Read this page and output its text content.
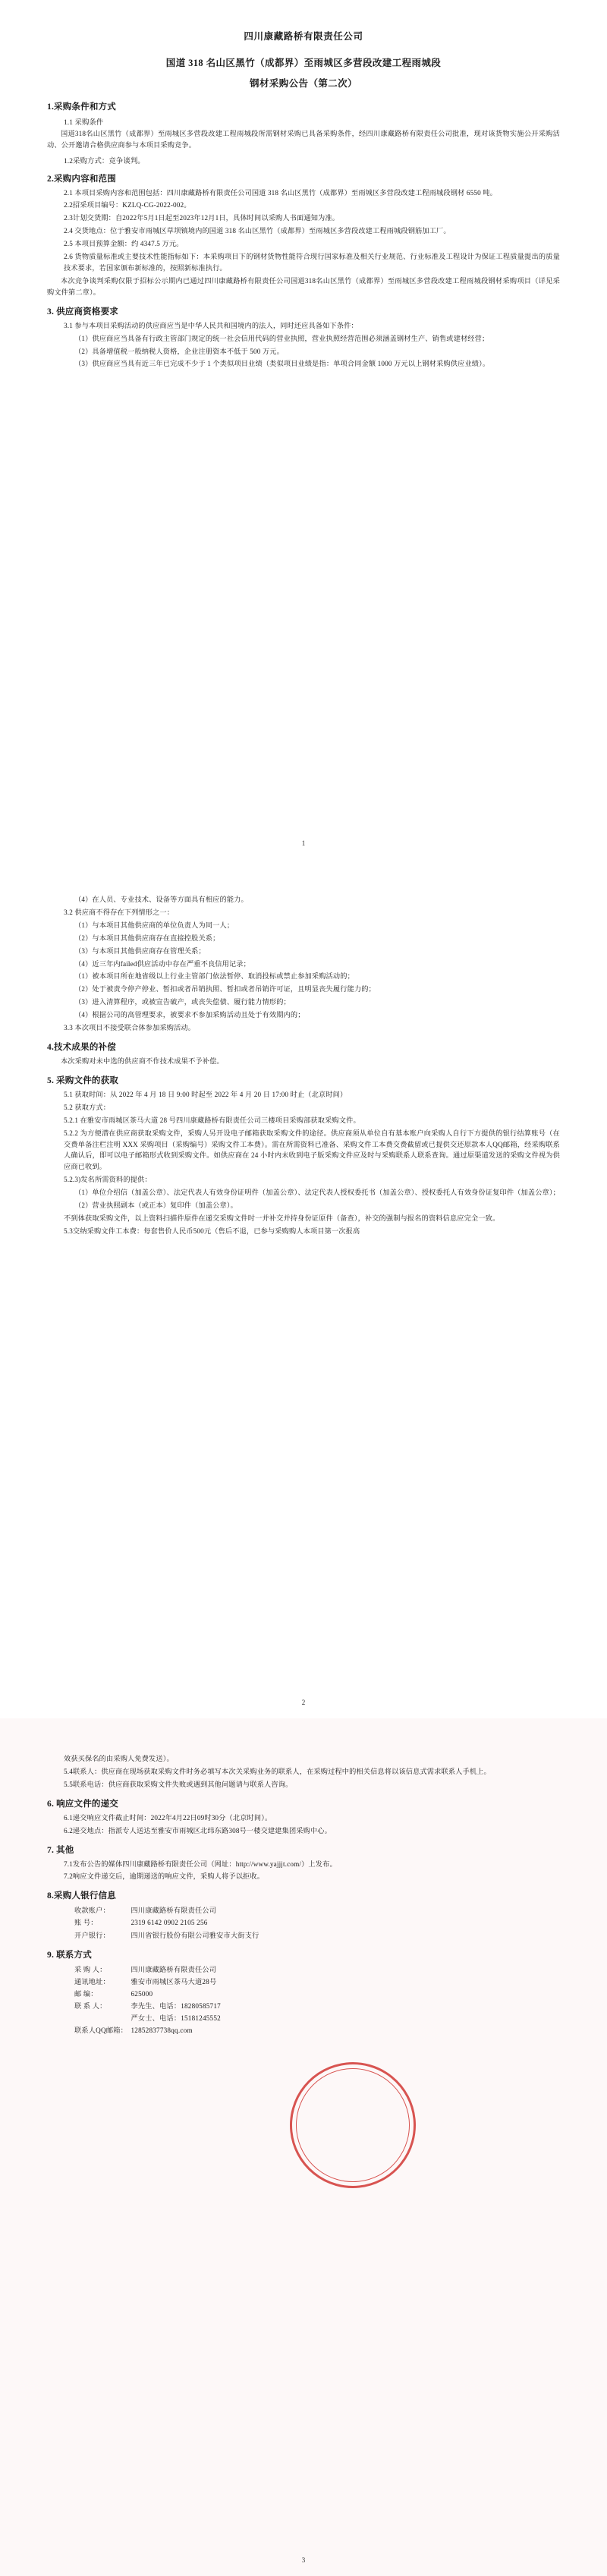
四川康藏路桥有限责任公司
国道 318 名山区黑竹（成都界）至雨城区多营段改建工程雨城段
钢材采购公告（第二次）
1.采购条件和方式
1.1 采购条件

国道318名山区黑竹（成都界）至雨城区多营段改建工程雨城段所需钢材采购已具备采购条件，经四川康藏路桥有限责任公司批准，现对该货物实施公开采购活动、公开邀请合格供应商参与本项目采购竞争。

1.2采购方式：竞争谈判。
2.采购内容和范围

2.1 本项目采购内容和范围包括：四川康藏路桥有限责任公司国道 318 名山区黑竹（成都界）至雨城区多营段改建工程雨城段钢材 6550 吨。

2.2招采项目编号：KZLQ-CG-2022-002。

2.3计划交货期：自2022年5月1日起至2023年12月1日，具体时间以采购人书面通知为准。

2.4 交货地点：位于雅安市雨城区草坝镇境内的国道 318 名山区黑竹（成都界）至雨城区多营段改建工程雨城段钢筋加工厂。

2.5 本项目预算金额：约 4347.5 万元。

2.6 货物质量标准或主要技术性能指标如下：本采购项目下的钢材货物性能符合现行国家标准及相关行业规范、行业标准及工程设计为保证工程质量提出的质量技术要求，若国家颁布新标准的，按照新标准执行。

本次竞争谈判采购仅限于招标公示期内已通过四川康藏路桥有限责任公司国道318名山区黑竹（成都界）至雨城区多营段改建工程雨城段钢材采购项目（详见采购文件第二章）。

3. 供应商资格要求

3.1 参与本项目采购活动的供应商应当是中华人民共和国境内的法人，同时还应具备如下条件：

（1）供应商应当具备有行政主管部门规定的统一社会信用代码的营业执照，营业执照经营范围必须涵盖钢材生产、销售或建材经营；

（2）具备增值税一般纳税人资格，企业注册资本不低于 500 万元。

（3）供应商应当具有近三年已完成不少于 1 个类似项目业绩（类似项目业绩是指：单项合同金额 1000 万元以上钢材采购供应业绩）。

1

（4）在人员、专业技术、设备等方面具有相应的能力。

3.2 供应商不得存在下列情形之一：

（1）与本项目其他供应商的单位负责人为同一人；

（2）与本项目其他供应商存在直接控股关系；

（3）与本项目其他供应商存在管理关系；

（4）近三年内failed供应活动中存在严重不良信用记录；

（1）被本项目所在地省级以上行业主管部门依法暂停、取消投标或禁止参加采购活动的；

（2）处于被责令停产停业、暂扣或者吊销执照、暂扣或者吊销许可证，且明显丧失履行能力的；

（3）进入清算程序，或被宣告破产，或丧失偿债、履行能力情形的；

（4）根据公司的高管理要求，被要求不参加采购活动且处于有效期内的；

3.3 本次项目不接受联合体参加采购活动。

4.技术成果的补偿

本次采购对未中选的供应商不作技术成果不予补偿。

5. 采购文件的获取

5.1 获取时间：从 2022 年 4 月 18 日 9:00 时起至 2022 年 4 月 20 日 17:00 时止（北京时间）

5.2 获取方式：

5.2.1 在雅安市雨城区茶马大道 28 号四川康藏路桥有限责任公司三楼项目采购部获取采购文件。

5.2.2 为方便潜在供应商获取采购文件，采购人另开设电子邮箱获取采购文件的途径。供应商须从单位自有基本账户向采购人自行下方提供的银行结算账号（在交费单备注栏注明 XXX 采购项目（采购编号）采购文件工本费）。需在所需资料已准备、采购文件工本费交费截留或已提供交还原款本人QQ邮箱，经采购联系人确认后，即可以电子邮箱形式收到采购文件。如供应商在 24 小时内未收到电子版采购文件应及时与采购联系人联系查询。通过原渠道发送的采购文件视为供应商已收到。

5.2.3)发名所需资料的提供：

（1）单位介绍信（加盖公章）、法定代表人有效身份证明件（加盖公章）、法定代表人授权委托书（加盖公章）、授权委托人有效身份证复印件（加盖公章）；

（2）营业执照副本（或正本）复印件（加盖公章）。

不到体获取采购文件，以上资料扫描件原件在递交采购文件时一并补交并持身份证原件（备查），补交的强制与报名的资料信息应完全一致。

5.3交纳采购文件工本费：每套售价人民币500元（售后不退，已参与采购购人本项目第一次报高

2

效获买保名的由采购人免费发送）。

5.4联系人：供应商在现场获取采购文件时务必填写本次关采购业务的联系人，在采购过程中的相关信息将以该信息式需求联系人手机上。

5.5联系电话：供应商获取采购文件失败或遇到其他问题请与联系人咨询。

6. 响应文件的递交

6.1递交响应文件截止时间：2022年4月22日09时30分（北京时间）。

6.2递交地点：指派专人送达至雅安市雨城区北纬东路308号一楼交建建集团采购中心。

7. 其他

7.1发布公告的媒体四川康藏路桥有限责任公司（网址：http://www.yajjjt.com/）上发布。

7.2响应文件递交后，逾期递送的响应文件，采购人将予以拒收。

8.采购人银行信息
收款账户：	四川康藏路桥有限责任公司
账 号：	2319 6142 0902 2105 256
开户银行：	四川省银行股份有限公司雅安市大街支行
9. 联系方式
采 购 人：	四川康藏路桥有限责任公司
通讯地址：	雅安市雨城区茶马大道28号
邮 编：	625000
联 系 人：	李先生、电话：18280585717
严女士、电话：15181245552
联系人QQ邮箱： 12852837738qq.com
3
